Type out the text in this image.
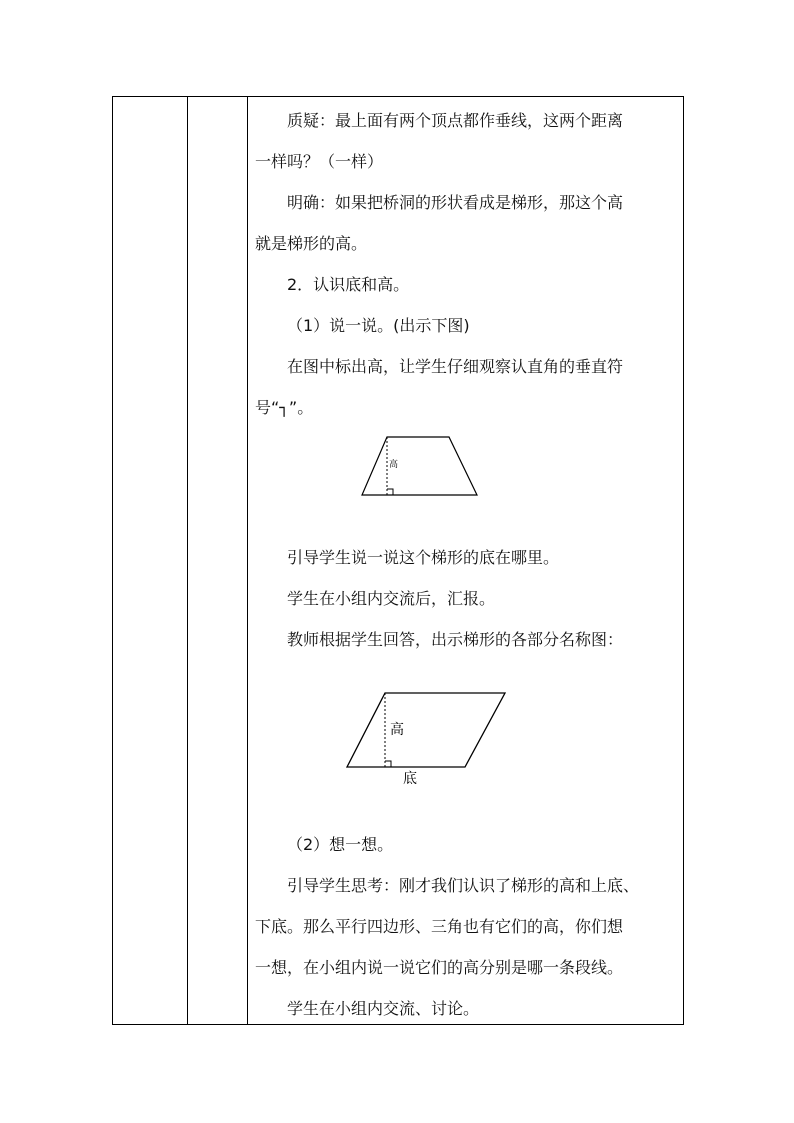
质疑：最上面有两个顶点都作垂线，这两个距离
一样吗？（一样）
明确：如果把桥洞的形状看成是梯形，那这个高
就是梯形的高。
2．认识底和高。
（1）说一说。(出示下图)
在图中标出高，让学生仔细观察认直角的垂直符
号“┐”。
高
引导学生说一说这个梯形的底在哪里。
学生在小组内交流后，汇报。
教师根据学生回答，出示梯形的各部分名称图：
高
底
（2）想一想。
引导学生思考：刚才我们认识了梯形的高和上底、
下底。那么平行四边形、三角也有它们的高，你们想
一想，在小组内说一说它们的高分别是哪一条段线。
学生在小组内交流、讨论。
